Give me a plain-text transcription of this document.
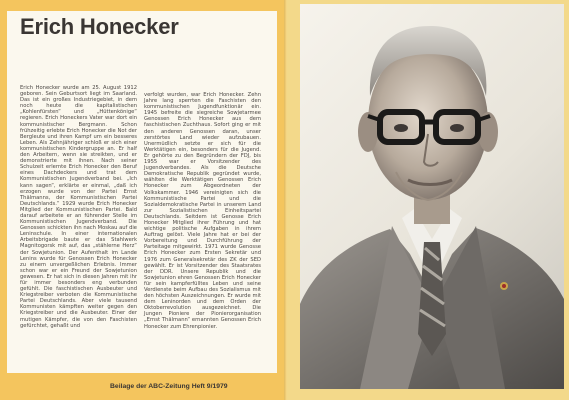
Erich Honecker

Erich Honecker wurde am 25. August 1912 geboren. Sein Geburtsort liegt im Saarland. Das ist ein großes Industriegebiet, in dem noch heute die kapitalistischen „Kohlenfürsten“ und „Hüttenkönige“ regieren. Erich Honeckers Vater war dort ein kommunistischer Bergmann. Schon frühzeitig erlebte Erich Honecker die Not der Bergleute und ihren Kampf um ein besseres Leben. Als Zehnjähriger schloß er sich einer kommunistischen Kindergruppe an. Er half den Arbeitern, wenn sie streikten, und er demonstrierte mit ihnen. Nach seiner Schulzeit erlernte Erich Honecker den Beruf eines Dachdeckers und trat dem Kommunistischen Jugendverband bei. „Ich kann sagen“, erklärte er einmal, „daß ich erzogen wurde von der Partei Ernst Thälmanns, der Kommunistischen Partei Deutschlands.“ 1929 wurde Erich Honecker Mitglied der Kommunistischen Partei. Bald darauf arbeitete er an führender Stelle im Kommunistischen Jugendverband. Die Genossen schickten ihn nach Moskau auf die Leninschule. In einer internationalen Arbeitsbrigade baute er das Stahlwerk Magnitogorsk mit auf, das „stählerne Herz“ der Sowjetunion. Der Aufenthalt im Lande Lenins wurde für Genossen Erich Honecker zu einem unvergeßlichen Erlebnis. Immer schon war er ein Freund der Sowjetunion gewesen. Er hat sich in diesen Jahren mit ihr für immer besonders eng verbunden gefühlt. Die faschistischen Ausbeuter und Kriegstreiber verboten die Kommunistische Partei Deutschlands. Aber viele tausend Kommunisten kämpften weiter gegen den Kriegstreiber und die Ausbeuter. Einer der mutigen Kämpfer, die von den Faschisten gefürchtet, gehaßt und

verfolgt wurden, war Erich Honecker. Zehn Jahre lang sperrten die Faschisten den kommunistischen Jugendfunktionär ein. 1945 befreite die siegreiche Sowjetarmee Genossen Erich Honecker aus dem faschistischen Zuchthaus. Sofort ging er mit den anderen Genossen daran, unser zerstörtes Land wieder aufzubauen. Unermüdlich setzte er sich für die Werktätigen ein, besonders für die Jugend. Er gehörte zu den Begründern der FDJ, bis 1955 war er Vorsitzender des Jugendverbandes. Als die Deutsche Demokratische Republik gegründet wurde, wählten die Werktätigen Genossen Erich Honecker zum Abgeordneten der Volkskammer. 1946 vereinigten sich die Kommunistische Partei und die Sozialdemokratische Partei in unserem Land zur Sozialistischen Einheitspartei Deutschlands. Seitdem ist Genosse Erich Honecker Mitglied ihrer Führung und hat wichtige politische Aufgaben in ihrem Auftrag gelöst. Viele Jahre hat er bei der Vorbereitung und Durchführung der Parteitage mitgewirkt. 1971 wurde Genosse Erich Honecker zum Ersten Sekretär und 1976 zum Generalsekretär des ZK der SED gewählt. Er ist Vorsitzender des Staatsrates der DDR. Unsere Republik und die Sowjetunion ehren Genossen Erich Honecker für sein kampferfülltes Leben und seine Verdienste beim Aufbau des Sozialismus mit den höchsten Auszeichnungen. Er wurde mit dem Leninorden und dem Orden der Oktoberrevolution ausgezeichnet. Die Jungen Pioniere der Pionierorganisation „Ernst Thälmann“ ernannten Genossen Erich Honecker zum Ehrenpionier.

Beilage der ABC-Zeitung Heft 9/1979	DASAAR ZIPPASH
Foto: ADN-ZB
